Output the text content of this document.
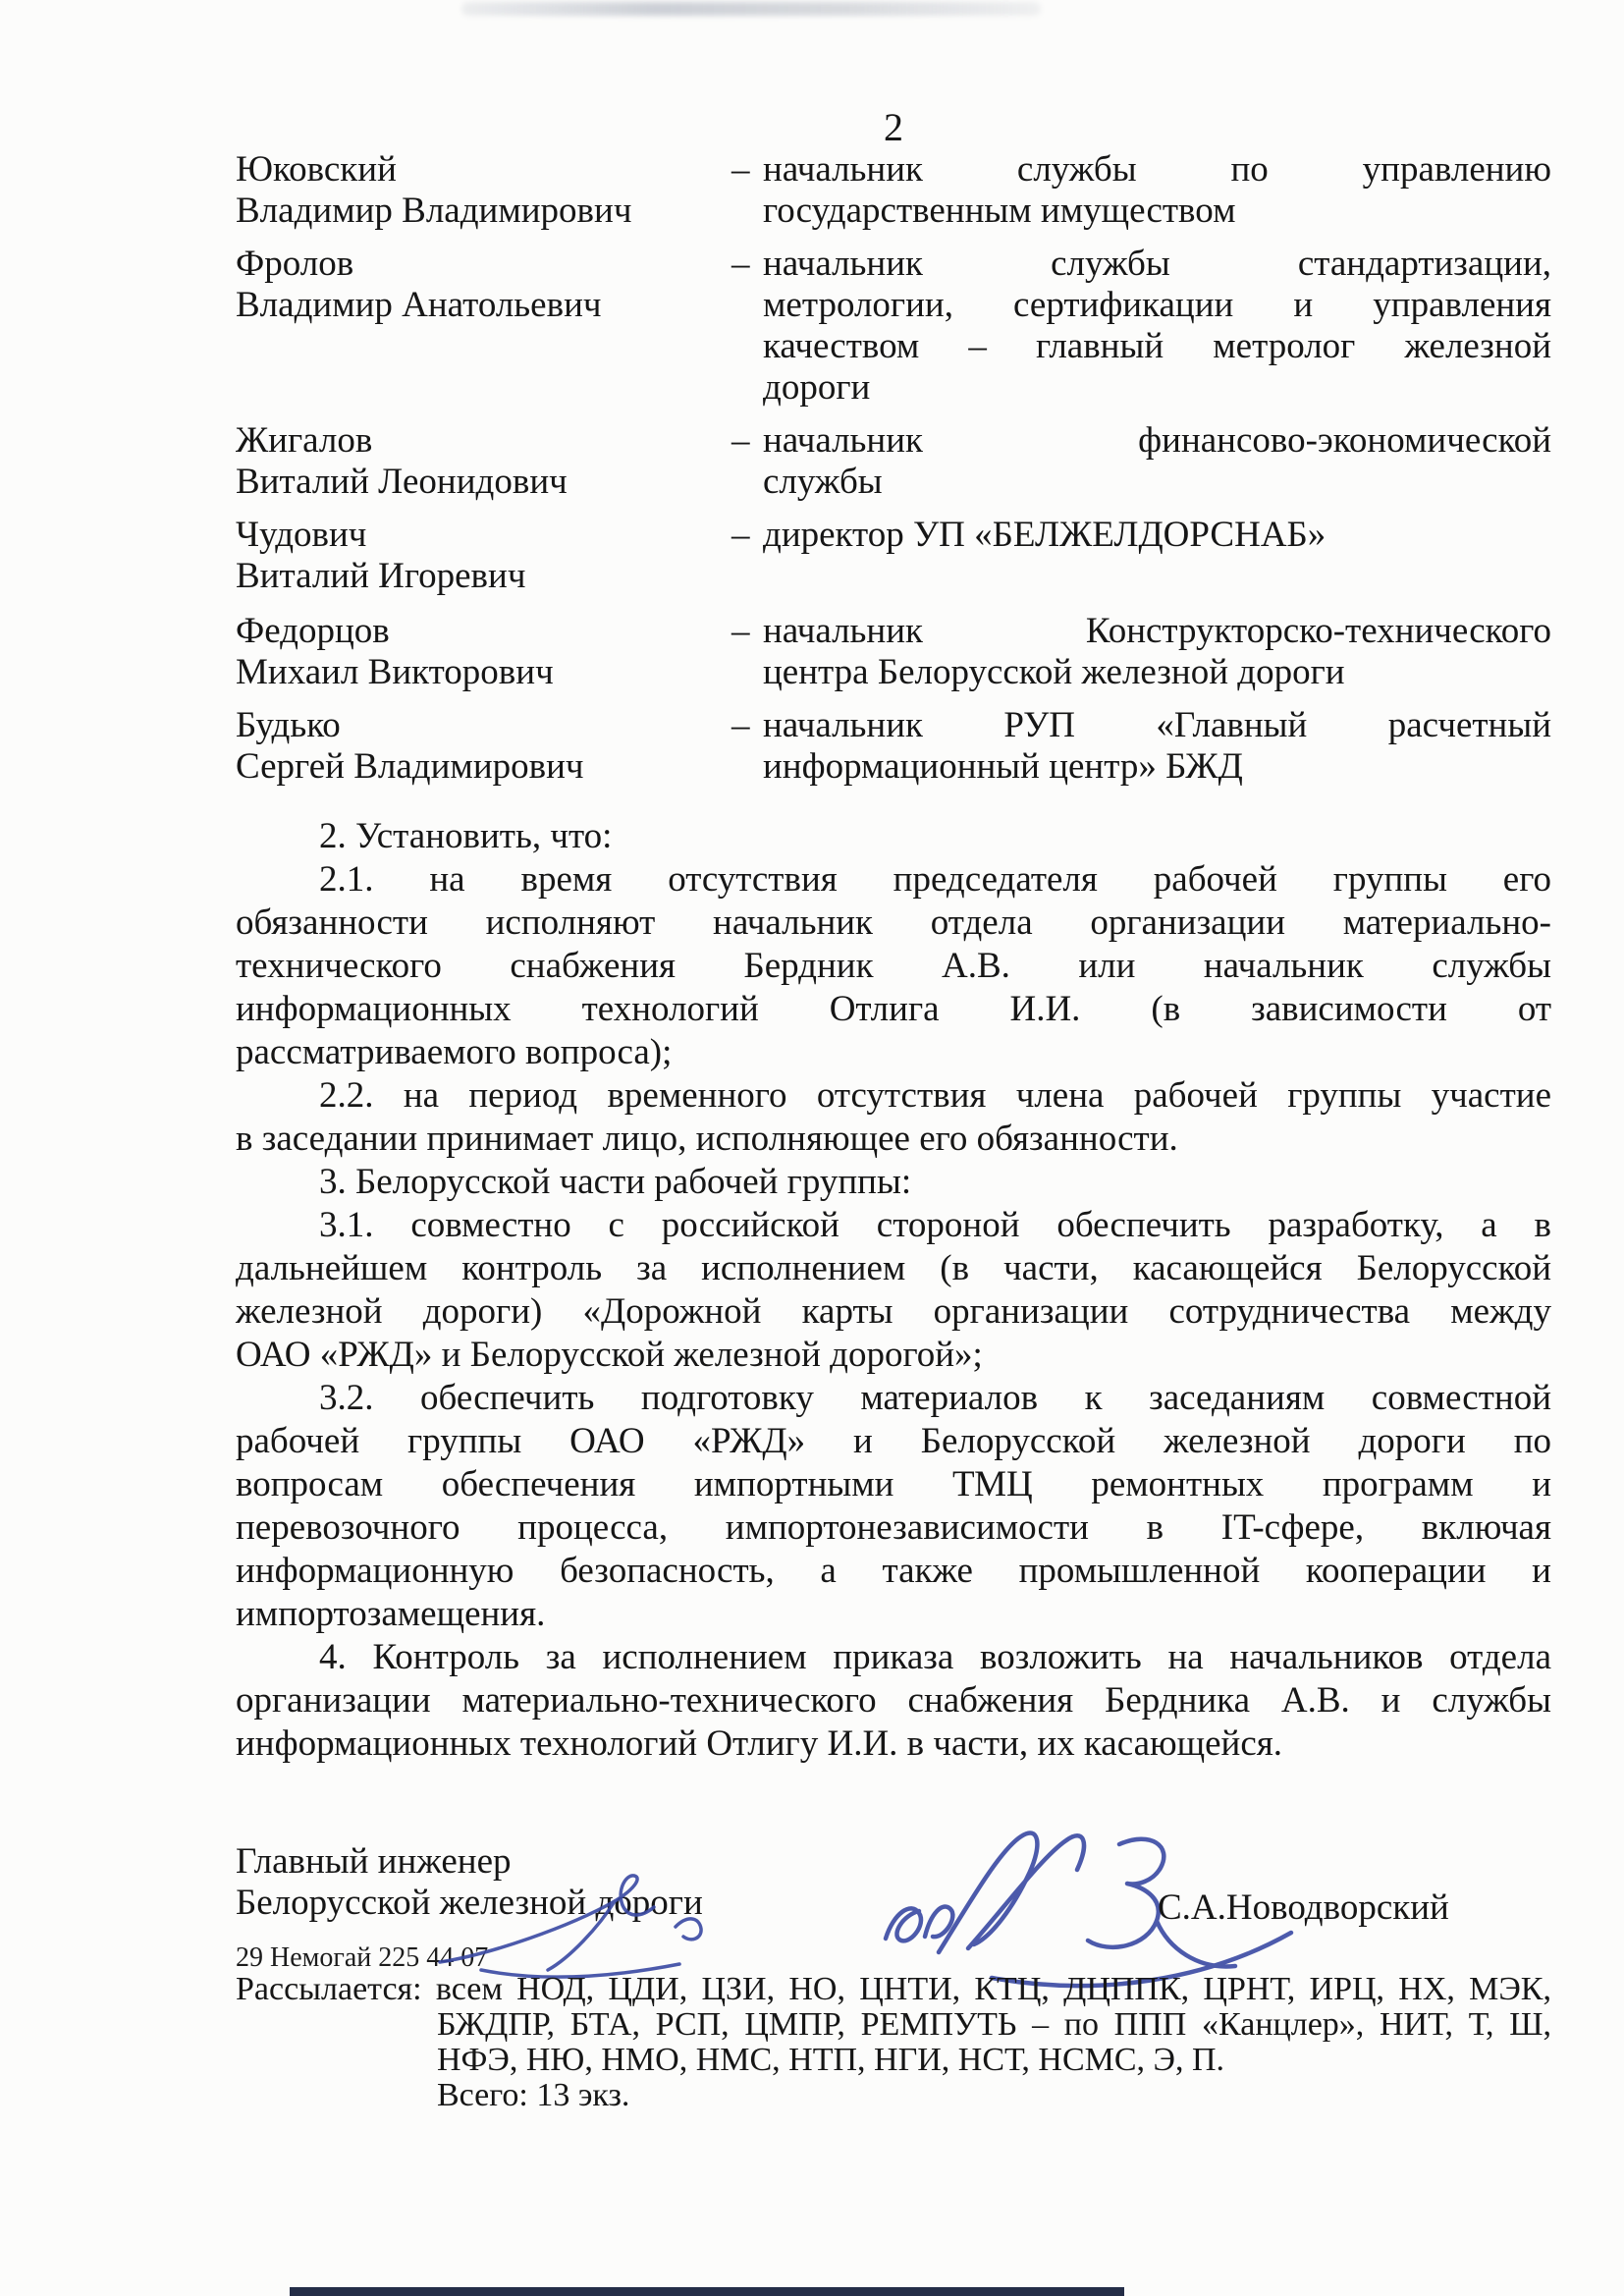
2
Юковский
Владимир Владимирович
– начальник службы по управлению
государственным имуществом
Фролов
Владимир Анатольевич
– начальник службы стандартизации,
метрологии, сертификации и управления
качеством – главный метролог железной
дороги
Жигалов
Виталий Леонидович
– начальник финансово-экономической
службы
Чудович
Виталий Игоревич
– директор УП «БЕЛЖЕЛДОРСНАБ»
Федорцов
Михаил Викторович
– начальник Конструкторско-технического
центра Белорусской железной дороги
Будько
Сергей Владимирович
– начальник РУП «Главный расчетный
информационный центр» БЖД
2. Установить, что:
2.1. на время отсутствия председателя рабочей группы его
обязанности исполняют начальник отдела организации материально-
технического снабжения Бердник А.В. или начальник службы
информационных технологий Отлига И.И. (в зависимости от
рассматриваемого вопроса);
2.2. на период временного отсутствия члена рабочей группы участие
в заседании принимает лицо, исполняющее его обязанности.
3. Белорусской части рабочей группы:
3.1. совместно с российской стороной обеспечить разработку, а в
дальнейшем контроль за исполнением (в части, касающейся Белорусской
железной дороги) «Дорожной карты организации сотрудничества между
ОАО «РЖД» и Белорусской железной дорогой»;
3.2. обеспечить подготовку материалов к заседаниям совместной
рабочей группы ОАО «РЖД» и Белорусской железной дороги по
вопросам обеспечения импортными ТМЦ ремонтных программ и
перевозочного процесса, импортонезависимости в IT-сфере, включая
информационную безопасность, а также промышленной кооперации и
импортозамещения.
4. Контроль за исполнением приказа возложить на начальников отдела
организации материально-технического снабжения Бердника А.В. и службы
информационных технологий Отлигу И.И. в части, их касающейся.
Главный инженер
Белорусской железной дороги	С.А.Новодворский
29 Немогай 225 44 07
Рассылается: всем НОД, ЦДИ, ЦЗИ, НО, ЦНТИ, КТЦ, ДЦППК, ЦРНТ, ИРЦ, НХ, МЭК,
БЖДПР, БТА, РСП, ЦМПР, РЕМПУТЬ – по ППП «Канцлер», НИТ, Т, Ш,
НФЭ, НЮ, НМО, НМС, НТП, НГИ, НСТ, НСМС, Э, П.
Всего: 13 экз.
